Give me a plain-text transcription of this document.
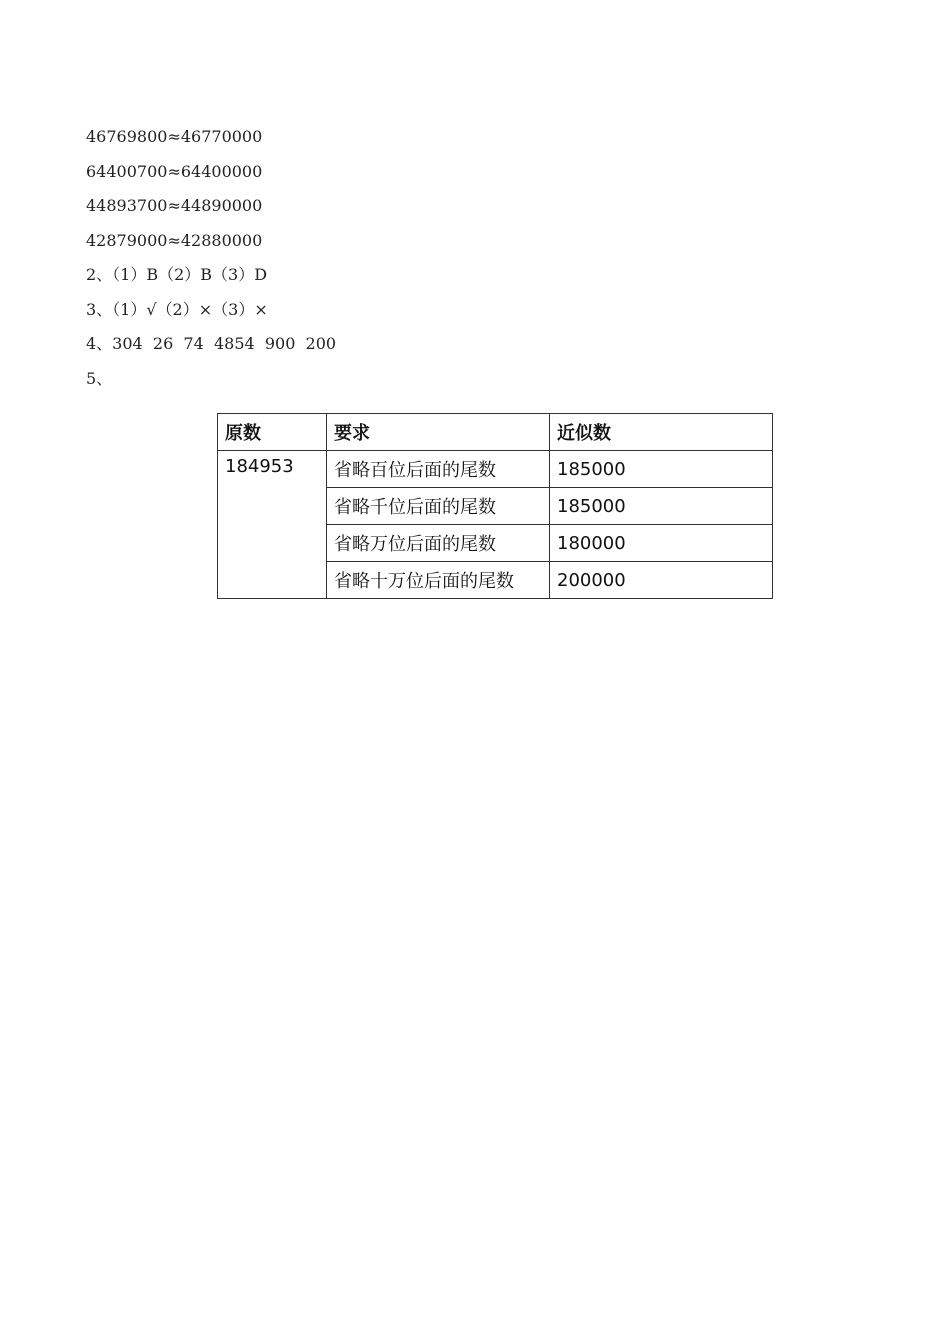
46769800≈46770000
64400700≈64400000
44893700≈44890000
42879000≈42880000
2、（1）B（2）B（3）D
3、（1）√（2）×（3）×
4、304  26  74  4854  900  200
5、
原数	要求	近似数
184953	省略百位后面的尾数	185000
	省略千位后面的尾数	185000
	省略万位后面的尾数	180000
	省略十万位后面的尾数	200000
